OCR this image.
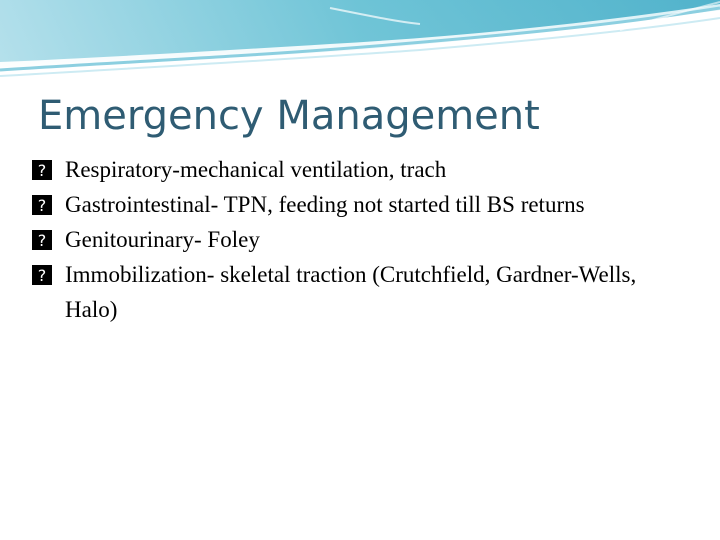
Emergency Management
? Respiratory-mechanical ventilation, trach
? Gastrointestinal- TPN, feeding not started till BS returns
? Genitourinary- Foley
? Immobilization- skeletal traction (Crutchfield, Gardner-Wells, Halo)
